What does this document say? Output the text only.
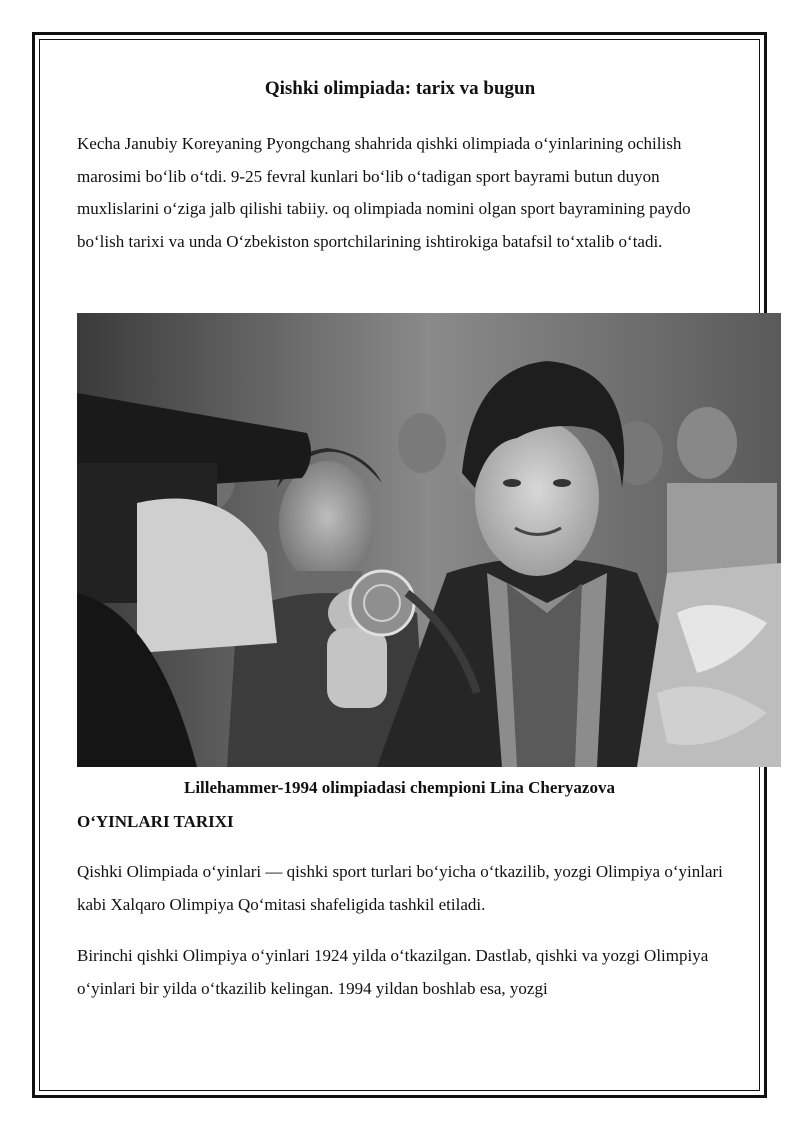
Qishki olimpiada: tarix va bugun

Kecha Janubiy Koreyaning Pyongchang shahrida qishki olimpiada o‘yinlarining ochilish marosimi bo‘lib o‘tdi. 9-25 fevral kunlari bo‘lib o‘tadigan sport bayrami butun duyon muxlislarini o‘ziga jalb qilishi tabiiy. oq olimpiada nomini olgan sport bayramining paydo bo‘lish tarixi va unda O‘zbekiston sportchilarining ishtirokiga batafsil to‘xtalib o‘tadi.

Lillehammer-1994 olimpiadasi chempioni Lina Cheryazova
O‘YINLARI TARIXI

Qishki Olimpiada o‘yinlari — qishki sport turlari bo‘yicha o‘tkazilib, yozgi Olimpiya o‘yinlari kabi Xalqaro Olimpiya Qo‘mitasi shafeligida tashkil etiladi.

Birinchi qishki Olimpiya o‘yinlari 1924 yilda o‘tkazilgan. Dastlab, qishki va yozgi Olimpiya o‘yinlari bir yilda o‘tkazilib kelingan. 1994 yildan boshlab esa, yozgi
